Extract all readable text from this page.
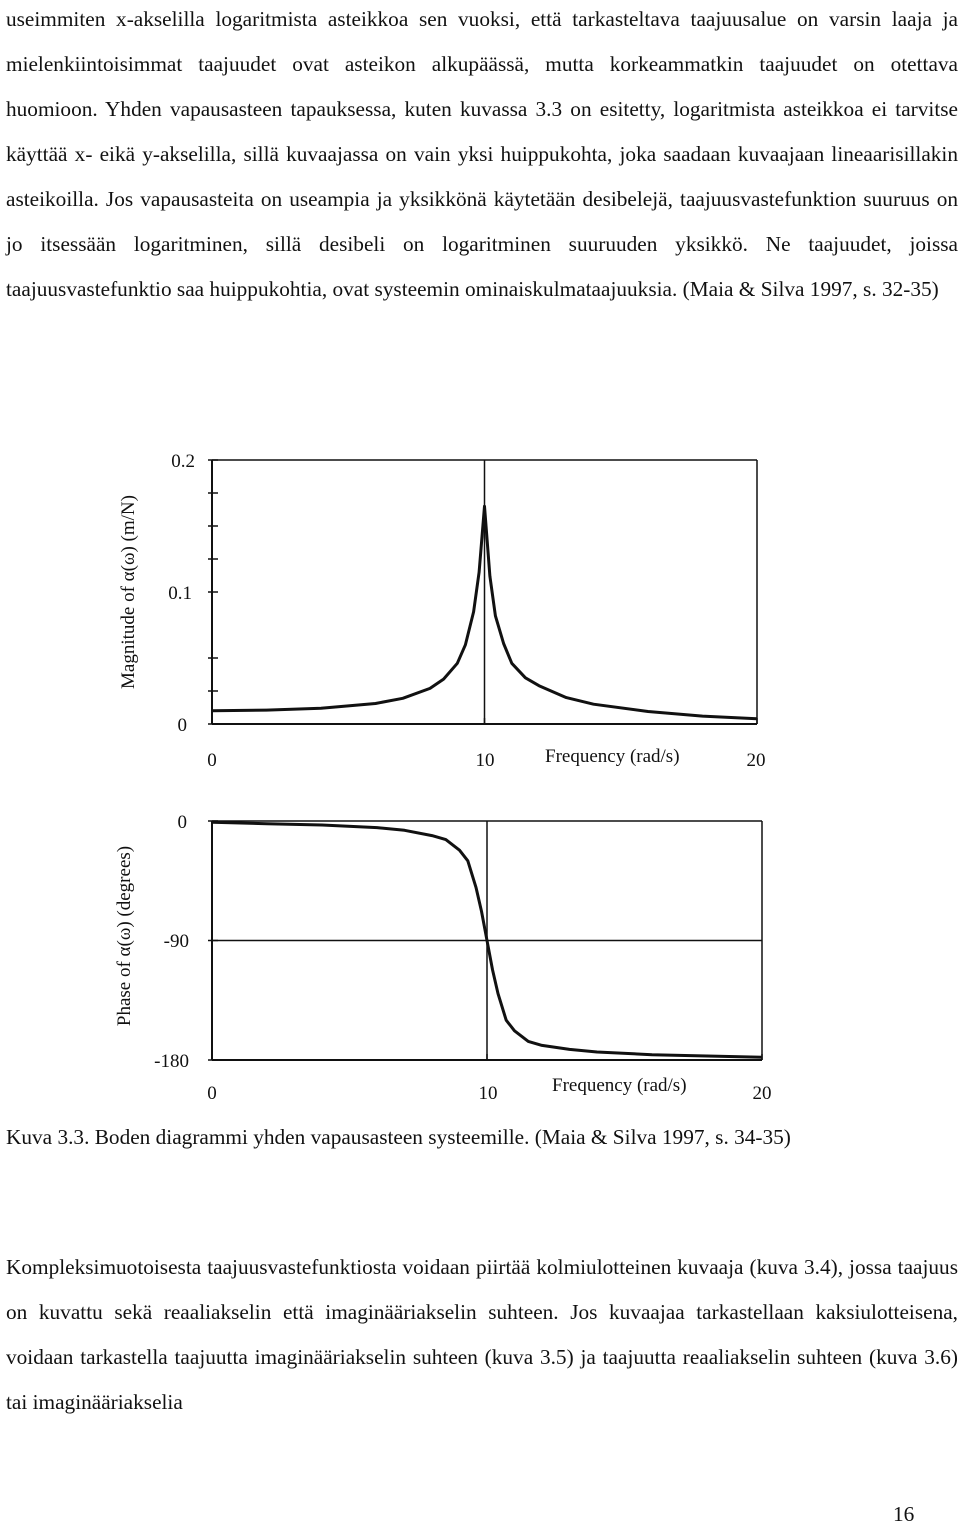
useimmiten x-akselilla logaritmista asteikkoa sen vuoksi, että tarkasteltava taajuusalue on varsin laaja ja mielenkiintoisimmat taajuudet ovat asteikon alkupäässä, mutta korkeammatkin taajuudet on otettava huomioon. Yhden vapausasteen tapauksessa, kuten kuvassa 3.3 on esitetty, logaritmista asteikkoa ei tarvitse käyttää x- eikä y-akselilla, sillä kuvaajassa on vain yksi huippukohta, joka saadaan kuvaajaan lineaarisillakin asteikoilla. Jos vapausasteita on useampia ja yksikkönä käytetään desibelejä, taajuusvastefunktion suuruus on jo itsessään logaritminen, sillä desibeli on logaritminen suuruuden yksikkö. Ne taajuudet, joissa taajuusvastefunktio saa huippukohtia, ovat systeemin ominaiskulmataajuuksia. (Maia & Silva 1997, s. 32-35)

Magnitude of α(ω) (m/N)
Frequency (rad/s)
0
0.1
0.2
0	10	20
Phase of α(ω) (degrees)
Frequency (rad/s)
0
-90
-180
0	10	20

Kuva 3.3. Boden diagrammi yhden vapausasteen systeemille. (Maia & Silva 1997, s. 34-35)

Kompleksimuotoisesta taajuusvastefunktiosta voidaan piirtää kolmiulotteinen kuvaaja (kuva 3.4), jossa taajuus on kuvattu sekä reaaliakselin että imaginääriakselin suhteen. Jos kuvaajaa tarkastellaan kaksiulotteisena, voidaan tarkastella taajuutta imaginääriakselin suhteen (kuva 3.5) ja taajuutta reaaliakselin suhteen (kuva 3.6) tai imaginääriakselia

16
